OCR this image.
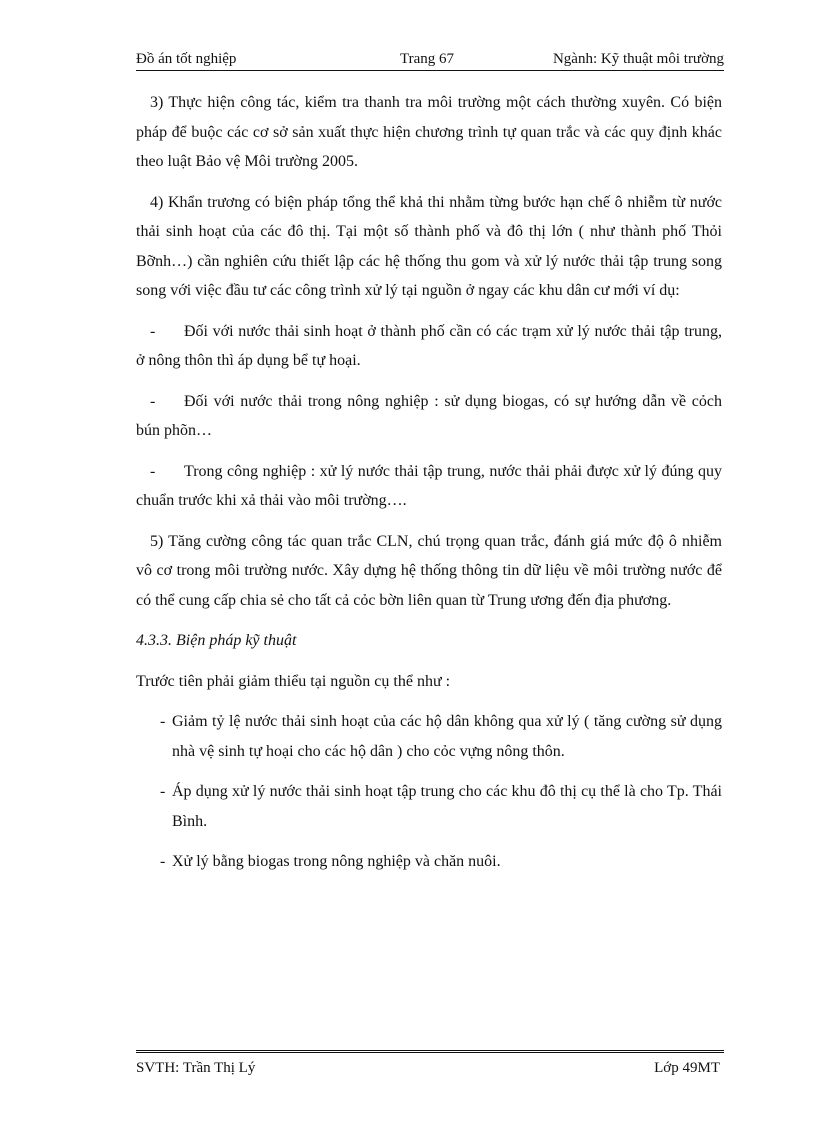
Đồ án tốt nghiệp	Trang 67	Ngành: Kỹ thuật môi trường

3) Thực hiện công tác, kiểm tra thanh tra môi trường một cách thường xuyên. Có biện pháp để buộc các cơ sở sản xuất thực hiện chương trình tự quan trắc và các quy định khác theo luật Bảo vệ Môi trường 2005.

4) Khẩn trương có biện pháp tổng thể khả thi nhằm từng bước hạn chế ô nhiễm từ nước thải sinh hoạt của các đô thị. Tại một số thành phố và đô thị lớn ( như thành phố Thỏi Bỡnh…) cần nghiên cứu thiết lập các hệ thống thu gom và xử lý nước thải tập trung song song với việc đầu tư các công trình xử lý tại nguồn ở ngay các khu dân cư mới ví dụ:

- Đối với nước thải sinh hoạt ở thành phố cần có các trạm xử lý nước thải tập trung, ở nông thôn thì áp dụng bể tự hoại.

- Đối với nước thải trong nông nghiệp : sử dụng biogas, có sự hướng dẫn về cỏch bún phõn…

- Trong công nghiệp : xử lý nước thải tập trung, nước thải phải được xử lý đúng quy chuẩn trước khi xả thải vào môi trường….

5) Tăng cường công tác quan trắc CLN, chú trọng quan trắc, đánh giá mức độ ô nhiễm vô cơ trong môi trường nước. Xây dựng hệ thống thông tin dữ liệu về môi trường nước để có thể cung cấp chia sẻ cho tất cả cỏc bờn liên quan từ Trung ương đến địa phương.

4.3.3. Biện pháp kỹ thuật

Trước tiên phải giảm thiểu tại nguồn cụ thể như :

- Giảm tỷ lệ nước thải sinh hoạt của các hộ dân không qua xử lý ( tăng cường sử dụng nhà vệ sinh tự hoại cho các hộ dân ) cho cỏc vựng nông thôn.
- Áp dụng xử lý nước thải sinh hoạt tập trung cho các khu đô thị cụ thể là cho Tp. Thái Bình.
- Xử lý bằng biogas trong nông nghiệp và chăn nuôi.
SVTH: Trần Thị Lý	Lớp 49MT
